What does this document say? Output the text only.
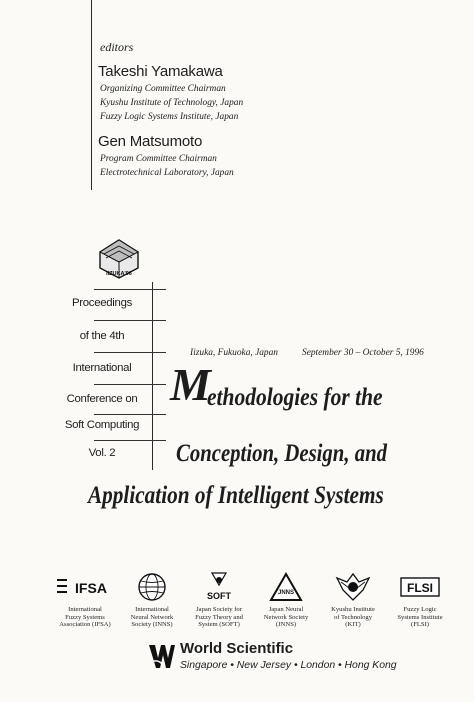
editors
Takeshi Yamakawa
Organizing Committee Chairman
Kyushu Institute of Technology, Japan
Fuzzy Logic Systems Institute, Japan
Gen Matsumoto
Program Committee Chairman
Electrotechnical Laboratory, Japan
IIZUKA'96
Proceedings
of the 4th
International
Conference on
Soft Computing
Vol. 2
Iizuka, Fukuoka, Japan	September 30 – October 5, 1996
M
ethodologies for the
Conception, Design, and
Application of Intelligent Systems
IFSA
International
Fuzzy Systems
Association (IFSA)
International
Neural Network
Society (INNS)
SOFT
Japan Society for
Fuzzy Theory and
System (SOFT)
JNNS
Japan Neural
Network Society
(JNNS)
Kyushu Institute
of Technology
(KIT)
FLSI
Fuzzy Logic
Systems Institute
(FLSI)
World Scientific
Singapore • New Jersey • London • Hong Kong
